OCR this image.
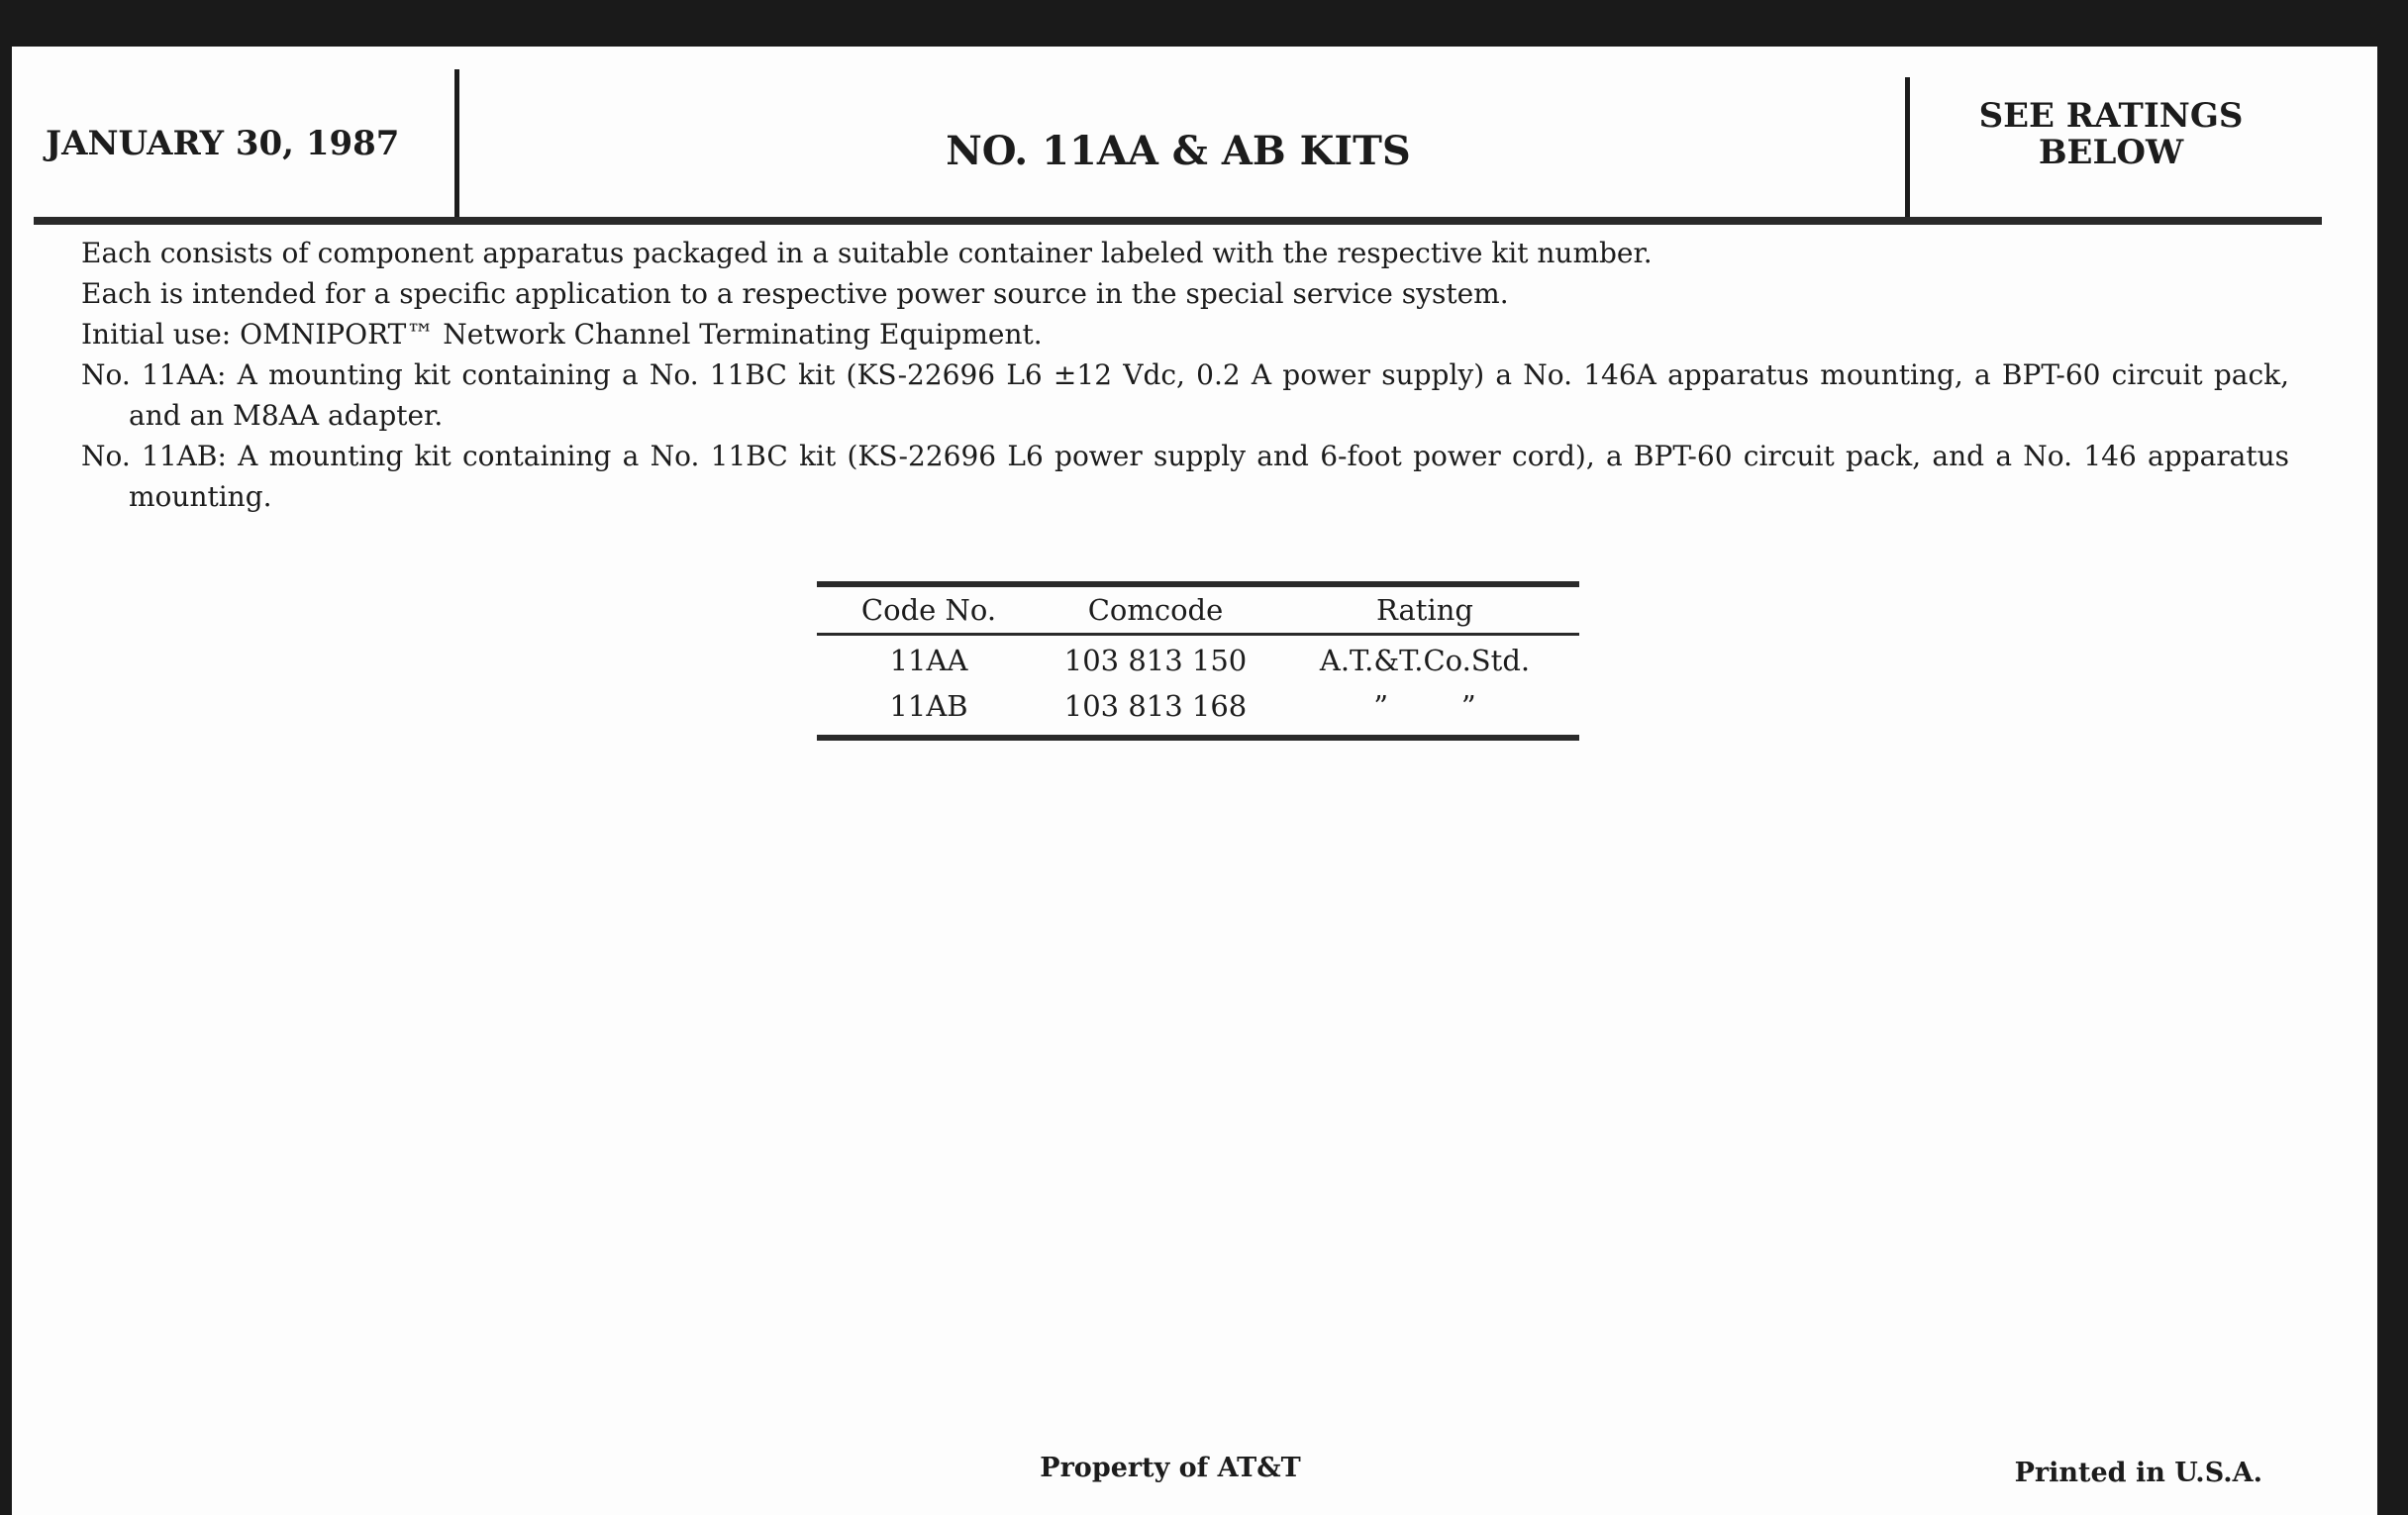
JANUARY 30, 1987	NO. 11AA & AB KITS
SEE RATINGS
BELOW

Each consists of component apparatus packaged in a suitable container labeled with the respective kit number.

Each is intended for a specific application to a respective power source in the special service system.

Initial use: OMNIPORT™ Network Channel Terminating Equipment.

No. 11AA: A mounting kit containing a No. 11BC kit (KS-22696 L6 ±12 Vdc, 0.2 A power supply) a No. 146A apparatus mounting, a BPT-60 circuit pack, and an M8AA adapter.

No. 11AB: A mounting kit containing a No. 11BC kit (KS-22696 L6 power supply and 6-foot power cord), a BPT-60 circuit pack, and a No. 146 apparatus mounting.

Code No.	Comcode	Rating
11AA	103 813 150	A.T.&T.Co.Std.
11AB	103 813 168	”        ”
Property of AT&T	Printed in U.S.A.
